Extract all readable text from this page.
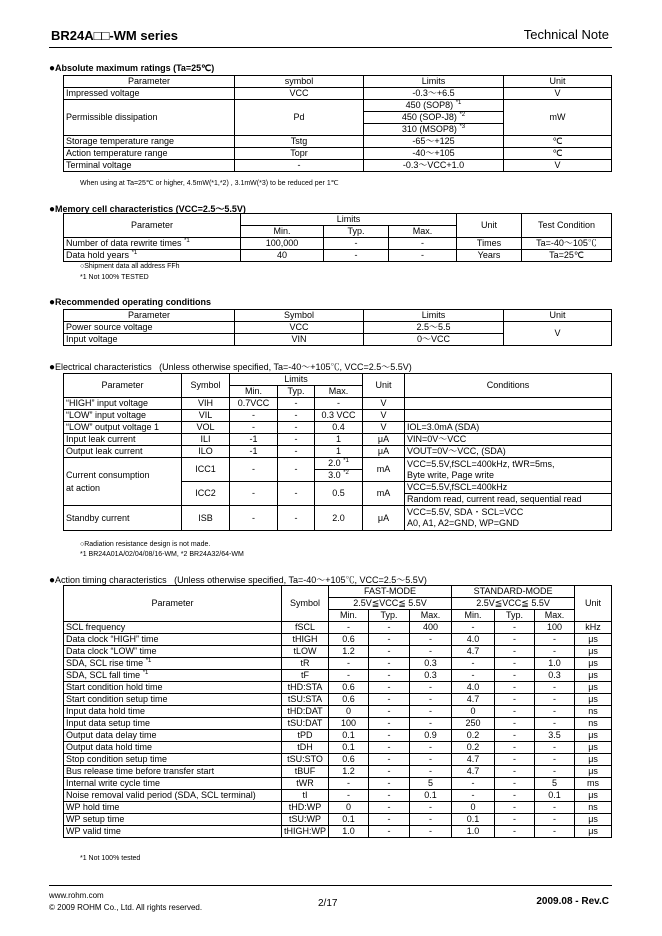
BR24A□□-WM series	Technical Note
●Absolute maximum ratings (Ta=25℃)
Parameter	symbol	Limits	Unit
Impressed voltage	VCC	-0.3～+6.5	V
Permissible dissipation	Pd	450 (SOP8) $^{*1}$	mW
		450 (SOP-J8) $^{*2}$
		310 (MSOP8) $^{*3}$
Storage temperature range	Tstg	-65～+125	℃
Action temperature range	Topr	-40～+105	℃
Terminal voltage	-	-0.3～VCC+1.0	V
When using at Ta=25℃ or higher, 4.5mW(*1,*2) , 3.1mW(*3) to be reduced per 1℃
●Memory cell characteristics (VCC=2.5～5.5V)
Parameter	Limits			Unit	Test Condition
	Min.	Typ.	Max.		
Number of data rewrite times $^{*1}$	100,000	-	-	Times	Ta=-40～105℃
Data hold years $^{*1}$	40	-	-	Years	Ta=25℃
○Shipment data all address FFh
*1 Not 100% TESTED
●Recommended operating conditions
Parameter	Symbol	Limits	Unit
Power source voltage	VCC	2.5～5.5	V
Input voltage	VIN	0～VCC	
●Electrical characteristics (Unless otherwise specified, Ta=-40～+105℃, VCC=2.5～5.5V)
Parameter	Symbol	Limits			Unit	Conditions
		Min.	Typ.	Max.		
“HIGH” input voltage	VIH	0.7VCC	-	-	V	
“LOW” input voltage	VIL	-	-	0.3 VCC	V	
“LOW” output voltage 1	VOL	-	-	0.4	V	IOL=3.0mA (SDA)
Input leak current	ILI	-1	-	1	μA	VIN=0V～VCC
Output leak current	ILO	-1	-	1	μA	VOUT=0V～VCC, (SDA)
Current consumption
at action	ICC1	-	-	2.0 $^{*1}$	mA	VCC=5.5V,fSCL=400kHz, tWR=5ms,
Byte write, Page write
				3.0 $^{*2}$
	ICC2	-	-	0.5	mA	VCC=5.5V,fSCL=400kHz
						Random read, current read, sequential read
Standby current	ISB	-	-	2.0	μA	VCC=5.5V, SDA・SCL=VCC
A0, A1, A2=GND, WP=GND
○Radiation resistance design is not made.
*1 BR24A01A/02/04/08/16-WM, *2 BR24A32/64-WM
●Action timing characteristics (Unless otherwise specified, Ta=-40～+105℃, VCC=2.5～5.5V)
Parameter	Symbol	FAST-MODE			STANDARD-MODE			Unit
		2.5V≦VCC≦ 5.5V			2.5V≦VCC≦ 5.5V			
		Min.	Typ.	Max.	Min.	Typ.	Max.	
SCL frequency	fSCL	-	-	400	-	-	100	kHz
Data clock “HIGH” time	tHIGH	0.6	-	-	4.0	-	-	μs
Data clock “LOW” time	tLOW	1.2	-	-	4.7	-	-	μs
SDA, SCL rise time $^{*1}$	tR	-	-	0.3	-	-	1.0	μs
SDA, SCL fall time $^{*1}$	tF	-	-	0.3	-	-	0.3	μs
Start condition hold time	tHD:STA	0.6	-	-	4.0	-	-	μs
Start condition setup time	tSU:STA	0.6	-	-	4.7	-	-	μs
Input data hold time	tHD:DAT	0	-	-	0	-	-	ns
Input data setup time	tSU:DAT	100	-	-	250	-	-	ns
Output data delay time	tPD	0.1	-	0.9	0.2	-	3.5	μs
Output data hold time	tDH	0.1	-	-	0.2	-	-	μs
Stop condition setup time	tSU:STO	0.6	-	-	4.7	-	-	μs
Bus release time before transfer start	tBUF	1.2	-	-	4.7	-	-	μs
Internal write cycle time	tWR	-	-	5	-	-	5	ms
Noise removal valid period (SDA, SCL terminal)	tI	-	-	0.1	-	-	0.1	μs
WP hold time	tHD:WP	0	-	-	0	-	-	ns
WP setup time	tSU:WP	0.1	-	-	0.1	-	-	μs
WP valid time	tHIGH:WP	1.0	-	-	1.0	-	-	μs
*1 Not 100% tested
www.rohm.com
© 2009 ROHM Co., Ltd. All rights reserved.	2/17	2009.08 - Rev.C
